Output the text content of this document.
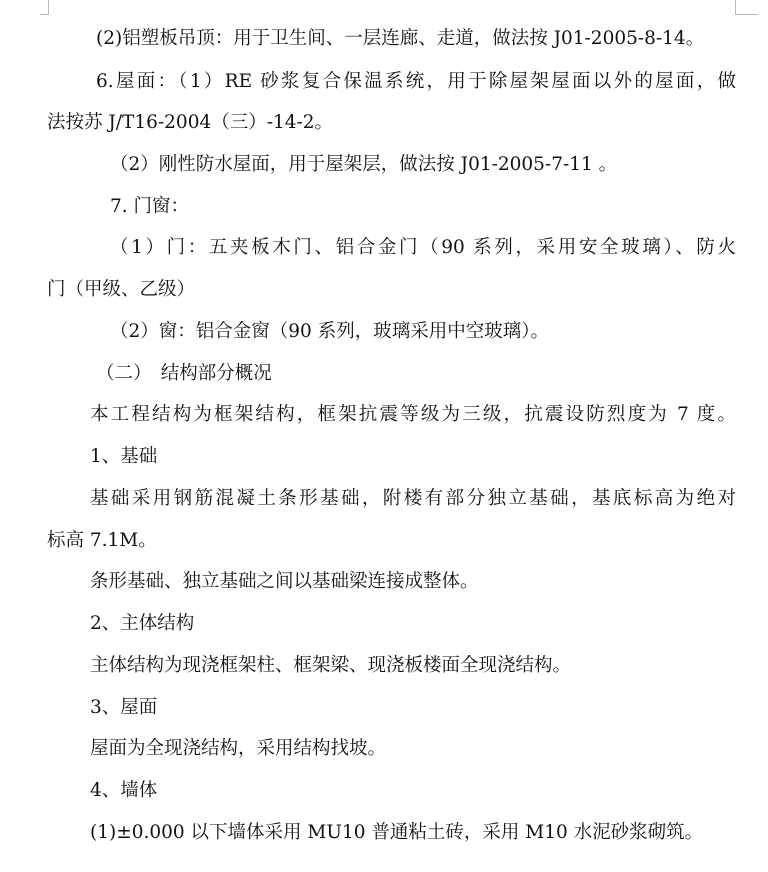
(2)铝塑板吊顶：用于卫生间、一层连廊、走道，做法按 J01-2005-8-14。
6.屋面：（1）RE 砂浆复合保温系统，用于除屋架屋面以外的屋面，做
法按苏 J/T16-2004（三）-14-2。
（2）刚性防水屋面，用于屋架层，做法按 J01-2005-7-11 。
7. 门窗：
（1）门：五夹板木门、铝合金门（90 系列，采用安全玻璃）、防火
门（甲级、乙级）
（2）窗：铝合金窗（90 系列，玻璃采用中空玻璃）。
（二）　结构部分概况
本工程结构为框架结构，框架抗震等级为三级，抗震设防烈度为 7 度。
1、基础
基础采用钢筋混凝土条形基础，附楼有部分独立基础，基底标高为绝对
标高 7.1M。
条形基础、独立基础之间以基础梁连接成整体。
2、主体结构
主体结构为现浇框架柱、框架梁、现浇板楼面全现浇结构。
3、屋面
屋面为全现浇结构，采用结构找坡。
4、墙体
(1)±0.000 以下墙体采用 MU10 普通粘土砖，采用 M10 水泥砂浆砌筑。
